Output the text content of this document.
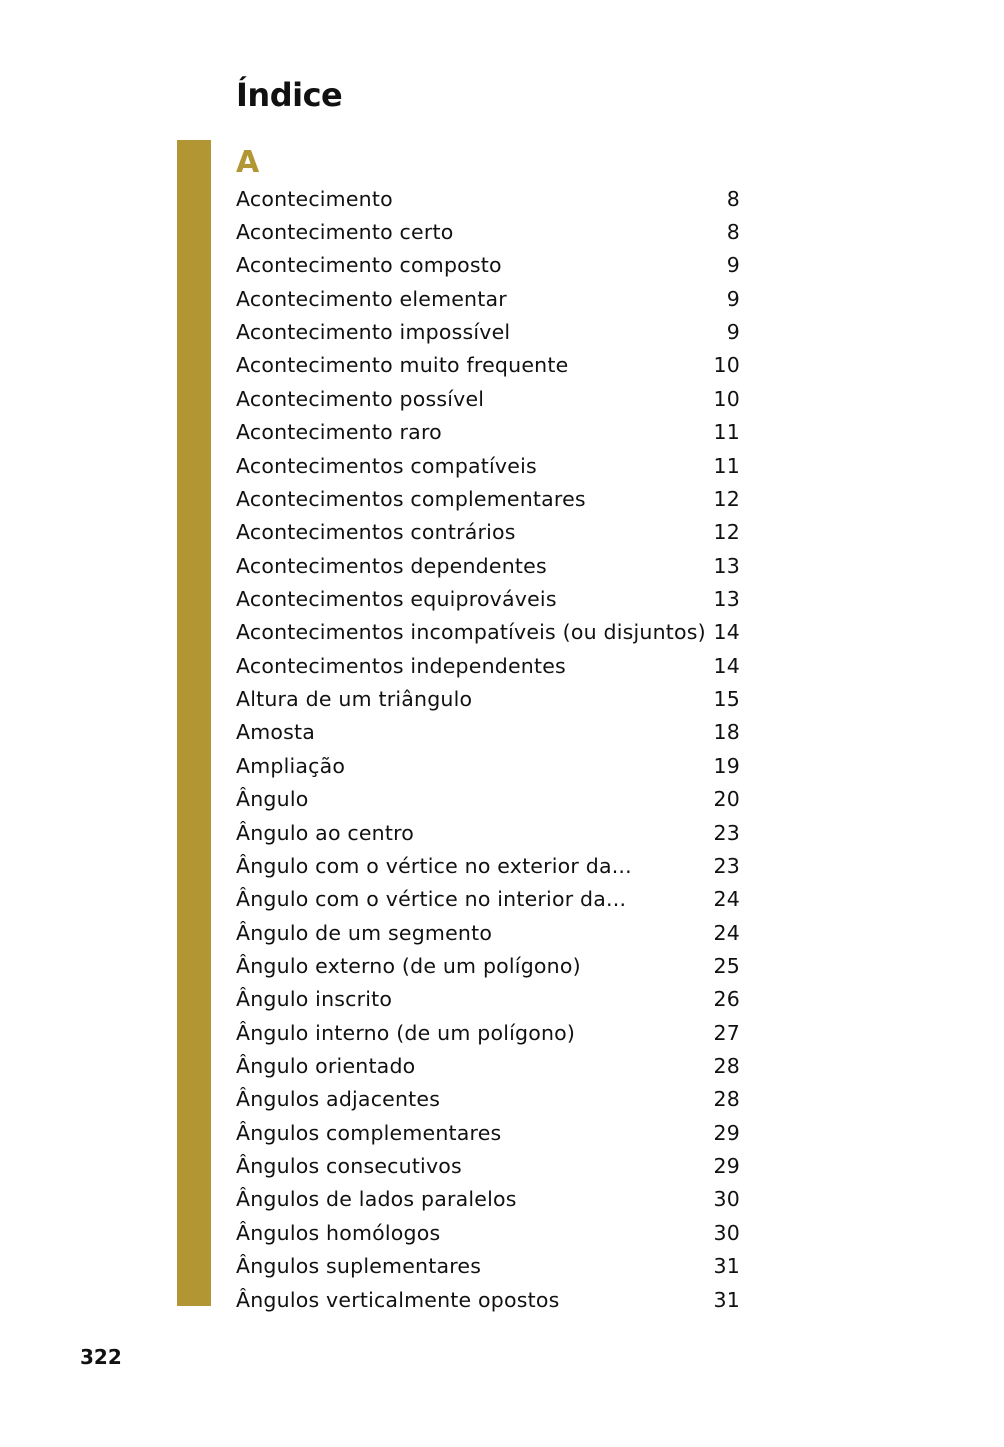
Índice
A
Acontecimento	8
Acontecimento certo	8
Acontecimento composto	9
Acontecimento elementar	9
Acontecimento impossível	9
Acontecimento muito frequente	10
Acontecimento possível	10
Acontecimento raro	11
Acontecimentos compatíveis	11
Acontecimentos complementares	12
Acontecimentos contrários	12
Acontecimentos dependentes	13
Acontecimentos equiprováveis	13
Acontecimentos incompatíveis (ou disjuntos) 14
Acontecimentos independentes	14
Altura de um triângulo	15
Amosta	18
Ampliação	19
Ângulo	20
Ângulo ao centro	23
Ângulo com o vértice no exterior da...	23
Ângulo com o vértice no interior da...	24
Ângulo de um segmento	24
Ângulo externo (de um polígono)	25
Ângulo inscrito	26
Ângulo interno (de um polígono)	27
Ângulo orientado	28
Ângulos adjacentes	28
Ângulos complementares	29
Ângulos consecutivos	29
Ângulos de lados paralelos	30
Ângulos homólogos	30
Ângulos suplementares	31
Ângulos verticalmente opostos	31
322
